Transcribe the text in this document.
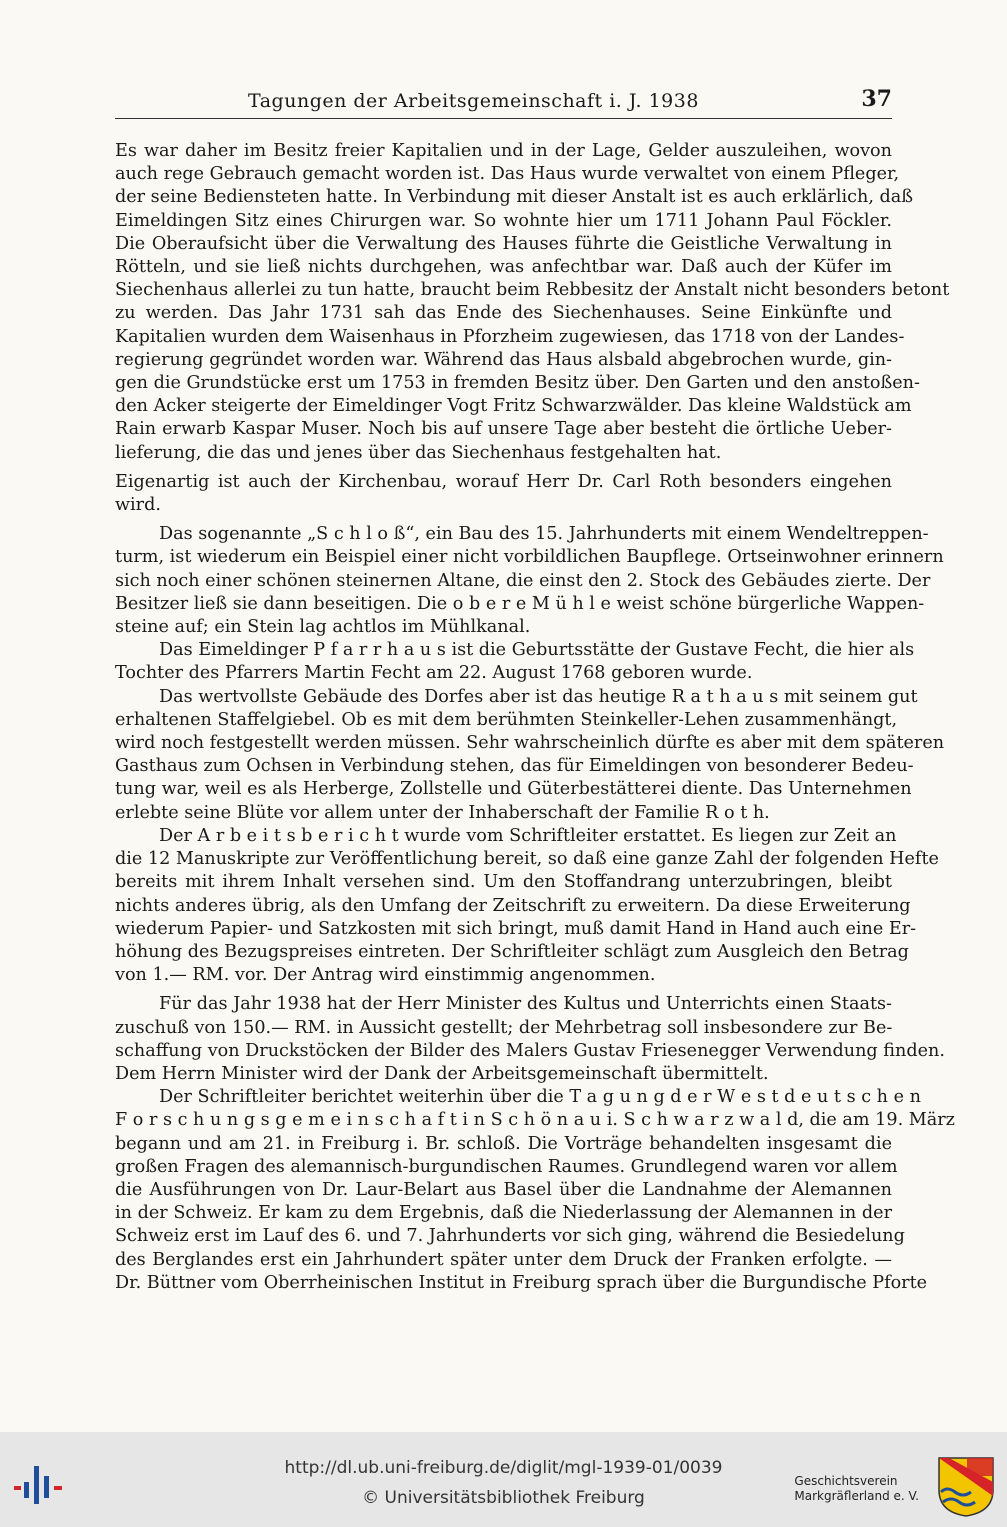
Tagungen der Arbeitsgemeinschaft i. J. 1938	37
Es war daher im Besitz freier Kapitalien und in der Lage, Gelder auszuleihen, wovon
auch rege Gebrauch gemacht worden ist. Das Haus wurde verwaltet von einem Pfleger,
der seine Bediensteten hatte. In Verbindung mit dieser Anstalt ist es auch erklärlich, daß
Eimeldingen Sitz eines Chirurgen war. So wohnte hier um 1711 Johann Paul Föckler.
Die Oberaufsicht über die Verwaltung des Hauses führte die Geistliche Verwaltung in
Rötteln, und sie ließ nichts durchgehen, was anfechtbar war. Daß auch der Küfer im
Siechenhaus allerlei zu tun hatte, braucht beim Rebbesitz der Anstalt nicht besonders betont
zu werden. Das Jahr 1731 sah das Ende des Siechenhauses. Seine Einkünfte und
Kapitalien wurden dem Waisenhaus in Pforzheim zugewiesen, das 1718 von der Landes-
regierung gegründet worden war. Während das Haus alsbald abgebrochen wurde, gin-
gen die Grundstücke erst um 1753 in fremden Besitz über. Den Garten und den anstoßen-
den Acker steigerte der Eimeldinger Vogt Fritz Schwarzwälder. Das kleine Waldstück am
Rain erwarb Kaspar Muser. Noch bis auf unsere Tage aber besteht die örtliche Ueber-
lieferung, die das und jenes über das Siechenhaus festgehalten hat.
Eigenartig ist auch der Kirchenbau, worauf Herr Dr. Carl Roth besonders eingehen
wird.
Das sogenannte „S c h l o ß“, ein Bau des 15. Jahrhunderts mit einem Wendeltreppen-
turm, ist wiederum ein Beispiel einer nicht vorbildlichen Baupflege. Ortseinwohner erinnern
sich noch einer schönen steinernen Altane, die einst den 2. Stock des Gebäudes zierte. Der
Besitzer ließ sie dann beseitigen. Die o b e r e M ü h l e weist schöne bürgerliche Wappen-
steine auf; ein Stein lag achtlos im Mühlkanal.
Das Eimeldinger P f a r r h a u s ist die Geburtsstätte der Gustave Fecht, die hier als
Tochter des Pfarrers Martin Fecht am 22. August 1768 geboren wurde.
Das wertvollste Gebäude des Dorfes aber ist das heutige R a t h a u s mit seinem gut
erhaltenen Staffelgiebel. Ob es mit dem berühmten Steinkeller-Lehen zusammenhängt,
wird noch festgestellt werden müssen. Sehr wahrscheinlich dürfte es aber mit dem späteren
Gasthaus zum Ochsen in Verbindung stehen, das für Eimeldingen von besonderer Bedeu-
tung war, weil es als Herberge, Zollstelle und Güterbestätterei diente. Das Unternehmen
erlebte seine Blüte vor allem unter der Inhaberschaft der Familie R o t h.
Der A r b e i t s b e r i c h t wurde vom Schriftleiter erstattet. Es liegen zur Zeit an
die 12 Manuskripte zur Veröffentlichung bereit, so daß eine ganze Zahl der folgenden Hefte
bereits mit ihrem Inhalt versehen sind. Um den Stoffandrang unterzubringen, bleibt
nichts anderes übrig, als den Umfang der Zeitschrift zu erweitern. Da diese Erweiterung
wiederum Papier- und Satzkosten mit sich bringt, muß damit Hand in Hand auch eine Er-
höhung des Bezugspreises eintreten. Der Schriftleiter schlägt zum Ausgleich den Betrag
von 1.— RM. vor. Der Antrag wird einstimmig angenommen.
Für das Jahr 1938 hat der Herr Minister des Kultus und Unterrichts einen Staats-
zuschuß von 150.— RM. in Aussicht gestellt; der Mehrbetrag soll insbesondere zur Be-
schaffung von Druckstöcken der Bilder des Malers Gustav Friesenegger Verwendung finden.
Dem Herrn Minister wird der Dank der Arbeitsgemeinschaft übermittelt.
Der Schriftleiter berichtet weiterhin über die T a g u n g d e r W e s t d e u t s c h e n
F o r s c h u n g s g e m e i n s c h a f t i n S c h ö n a u i. S c h w a r z w a l d, die am 19. März
begann und am 21. in Freiburg i. Br. schloß. Die Vorträge behandelten insgesamt die
großen Fragen des alemannisch-burgundischen Raumes. Grundlegend waren vor allem
die Ausführungen von Dr. Laur-Belart aus Basel über die Landnahme der Alemannen
in der Schweiz. Er kam zu dem Ergebnis, daß die Niederlassung der Alemannen in der
Schweiz erst im Lauf des 6. und 7. Jahrhunderts vor sich ging, während die Besiedelung
des Berglandes erst ein Jahrhundert später unter dem Druck der Franken erfolgte. —
Dr. Büttner vom Oberrheinischen Institut in Freiburg sprach über die Burgundische Pforte
http://dl.ub.uni-freiburg.de/diglit/mgl-1939-01/0039
© Universitätsbibliothek Freiburg
Geschichtsverein
Markgräflerland e. V.
